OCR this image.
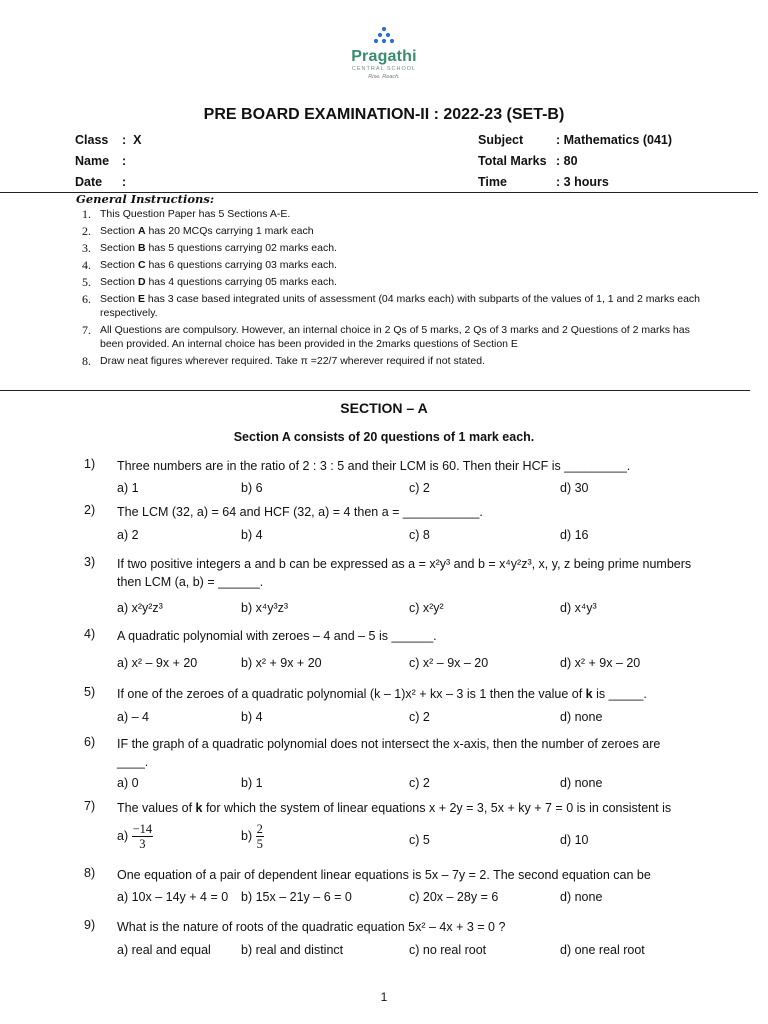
Pragathi
CENTRAL SCHOOL
Rise. Reach.
PRE BOARD EXAMINATION-II : 2022-23 (SET-B)
Class :  X
Name :
Date :
Subject	: Mathematics (041)
Total Marks : 80
Time	: 3 hours
General Instructions:
1. This Question Paper has 5 Sections A-E.
2. Section A has 20 MCQs carrying 1 mark each
3. Section B has 5 questions carrying 02 marks each.
4. Section C has 6 questions carrying 03 marks each.
5. Section D has 4 questions carrying 05 marks each.
6. Section E has 3 case based integrated units of assessment (04 marks each) with subparts of the values of 1, 1 and 2 marks each respectively.
7. All Questions are compulsory. However, an internal choice in 2 Qs of 5 marks, 2 Qs of 3 marks and 2 Questions of 2 marks has been provided. An internal choice has been provided in the 2marks questions of Section E
8. Draw neat figures wherever required. Take π =22/7 wherever required if not stated.
SECTION – A
Section A consists of 20 questions of 1 mark each.
1) Three numbers are in the ratio of 2 : 3 : 5 and their LCM is 60. Then their HCF is _________.
a) 1	b) 6	c) 2	d) 30
2) The LCM (32, a) = 64 and HCF (32, a) = 4 then a = ___________.
a) 2	b) 4	c) 8	d) 16
3) If two positive integers a and b can be expressed as a = x²y³ and b = x⁴y²z³, x, y, z being prime numbers then LCM (a, b) = ______.
a) x²y²z³	b) x⁴y³z³	c) x²y²	d) x⁴y³
4) A quadratic polynomial with zeroes – 4 and – 5 is ______.
a) x² – 9x + 20	b) x² + 9x + 20	c) x² – 9x – 20	d) x² + 9x – 20
5) If one of the zeroes of a quadratic polynomial (k – 1)x² + kx – 3 is 1 then the value of k is _____.
a) – 4	b) 4	c) 2	d) none
6) IF the graph of a quadratic polynomial does not intersect the x-axis, then the number of zeroes are ____.
a) 0	b) 1	c) 2	d) none
7) The values of k for which the system of linear equations x + 2y = 3, 5x + ky + 7 = 0 is in consistent is
$a) \frac{-14}{3}$	$b) \frac{2}{5}$	c) 5	d) 10
8) One equation of a pair of dependent linear equations is 5x – 7y = 2. The second equation can be
a) 10x – 14y + 4 = 0 b) 15x – 21y – 6 = 0	c) 20x – 28y = 6	d) none
9) What is the nature of roots of the quadratic equation 5x² – 4x + 3 = 0 ?
a) real and equal b) real and distinct	c) no real root	d) one real root
1
